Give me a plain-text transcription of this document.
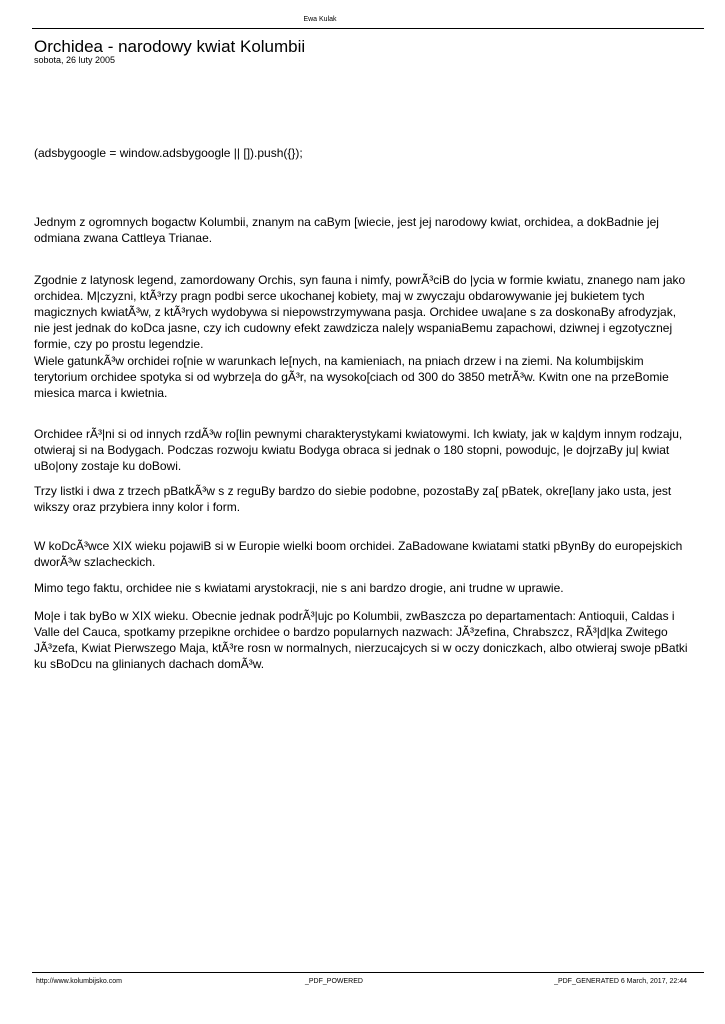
Ewa Kulak
Orchidea - narodowy kwiat Kolumbii
sobota, 26 luty 2005

(adsbygoogle = window.adsbygoogle || []).push({});

Jednym z ogromnych bogactw Kolumbii, znanym na caBym [wiecie, jest jej narodowy kwiat, orchidea, a dokBadnie jej odmiana zwana Cattleya Trianae.

Zgodnie z latynosk legend, zamordowany Orchis, syn fauna i nimfy, powrÃ³ciB do |ycia w formie kwiatu, znanego nam jako orchidea. M|czyzni, ktÃ³rzy pragn podbi serce ukochanej kobiety, maj w zwyczaju obdarowywanie jej bukietem tych magicznych kwiatÃ³w, z ktÃ³rych wydobywa si niepowstrzymywana pasja. Orchidee uwa|ane s za doskonaBy afrodyzjak, nie jest jednak do koDca jasne, czy ich cudowny efekt zawdzicza nale|y wspaniaBemu zapachowi, dziwnej i egzotycznej formie, czy po prostu legendzie.

Wiele gatunkÃ³w orchidei ro[nie w warunkach le[nych, na kamieniach, na pniach drzew i na ziemi. Na kolumbijskim terytorium orchidee spotyka si od wybrze|a do gÃ³r, na wysoko[ciach od 300 do 3850 metrÃ³w. Kwitn one na przeBomie miesica marca i kwietnia.

Orchidee rÃ³|ni si od innych rzdÃ³w ro[lin pewnymi charakterystykami kwiatowymi. Ich kwiaty, jak w ka|dym innym rodzaju, otwieraj si na Bodygach. Podczas rozwoju kwiatu Bodyga obraca si jednak o 180 stopni, powodujc, |e dojrzaBy ju| kwiat uBo|ony zostaje ku doBowi.

Trzy listki i dwa z trzech pBatkÃ³w s z reguBy bardzo do siebie podobne, pozostaBy za[ pBatek, okre[lany jako usta, jest wikszy oraz przybiera inny kolor i form.

W koDcÃ³wce XIX wieku pojawiB si w Europie wielki boom orchidei. ZaBadowane kwiatami statki pBynBy do europejskich dworÃ³w szlacheckich.

Mimo tego faktu, orchidee nie s kwiatami arystokracji, nie s ani bardzo drogie, ani trudne w uprawie.

Mo|e i tak byBo w XIX wieku. Obecnie jednak podrÃ³|ujc po Kolumbii, zwBaszcza po departamentach: Antioquii, Caldas i Valle del Cauca, spotkamy przepikne orchidee o bardzo popularnych nazwach: JÃ³zefina, Chrabszcz, RÃ³|d|ka Zwitego JÃ³zefa, Kwiat Pierwszego Maja, ktÃ³re rosn w normalnych, nierzucajcych si w oczy doniczkach, albo otwieraj swoje pBatki ku sBoDcu na glinianych dachach domÃ³w.

http://www.kolumbijsko.com	_PDF_POWERED	_PDF_GENERATED 6 March, 2017, 22:44
